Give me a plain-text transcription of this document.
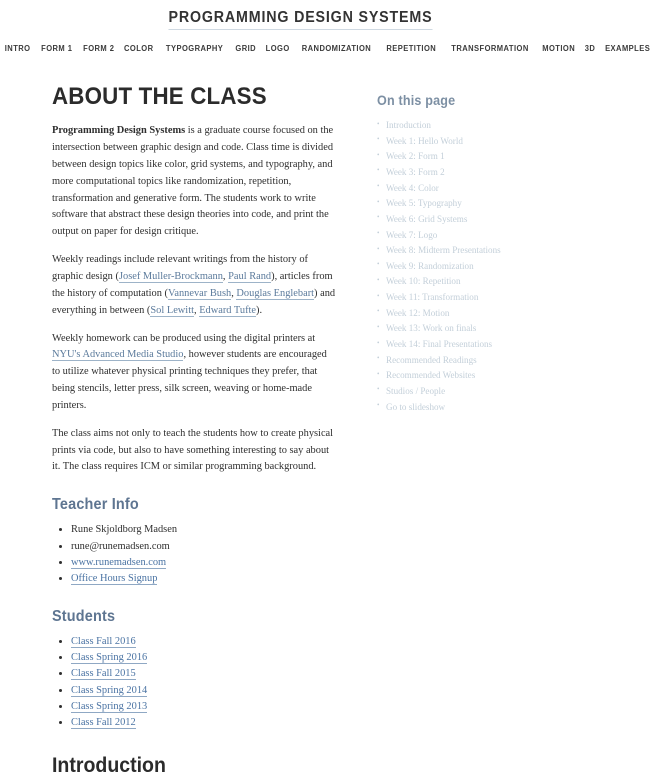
PROGRAMMING DESIGN SYSTEMS
INTRO FORM 1 FORM 2 COLOR TYPOGRAPHY GRID LOGO RANDOMIZATION REPETITION TRANSFORMATION MOTION 3D EXAMPLES
ABOUT THE CLASS

Programming Design Systems is a graduate course focused on the intersection between graphic design and code. Class time is divided between design topics like color, grid systems, and typography, and more computational topics like randomization, repetition, transformation and generative form. The students work to write software that abstract these design theories into code, and print the output on paper for design critique.

Weekly readings include relevant writings from the history of graphic design (Josef Muller-Brockmann, Paul Rand), articles from the history of computation (Vannevar Bush, Douglas Englebart) and everything in between (Sol Lewitt, Edward Tufte).

Weekly homework can be produced using the digital printers at NYU's Advanced Media Studio, however students are encouraged to utilize whatever physical printing techniques they prefer, that being stencils, letter press, silk screen, weaving or home-made printers.

The class aims not only to teach the students how to create physical prints via code, but also to have something interesting to say about it. The class requires ICM or similar programming background.

Teacher Info
• Rune Skjoldborg Madsen
• rune@runemadsen.com
• www.runemadsen.com
• Office Hours Signup
Students
• Class Fall 2016
• Class Spring 2016
• Class Fall 2015
• Class Spring 2014
• Class Spring 2013
• Class Fall 2012
Introduction
On this page
• Introduction
• Week 1: Hello World
• Week 2: Form 1
• Week 3: Form 2
• Week 4: Color
• Week 5: Typography
• Week 6: Grid Systems
• Week 7: Logo
• Week 8: Midterm Presentations
• Week 9: Randomization
• Week 10: Repetition
• Week 11: Transformation
• Week 12: Motion
• Week 13: Work on finals
• Week 14: Final Presentations
• Recommended Readings
• Recommended Websites
• Studios / People
• Go to slideshow
